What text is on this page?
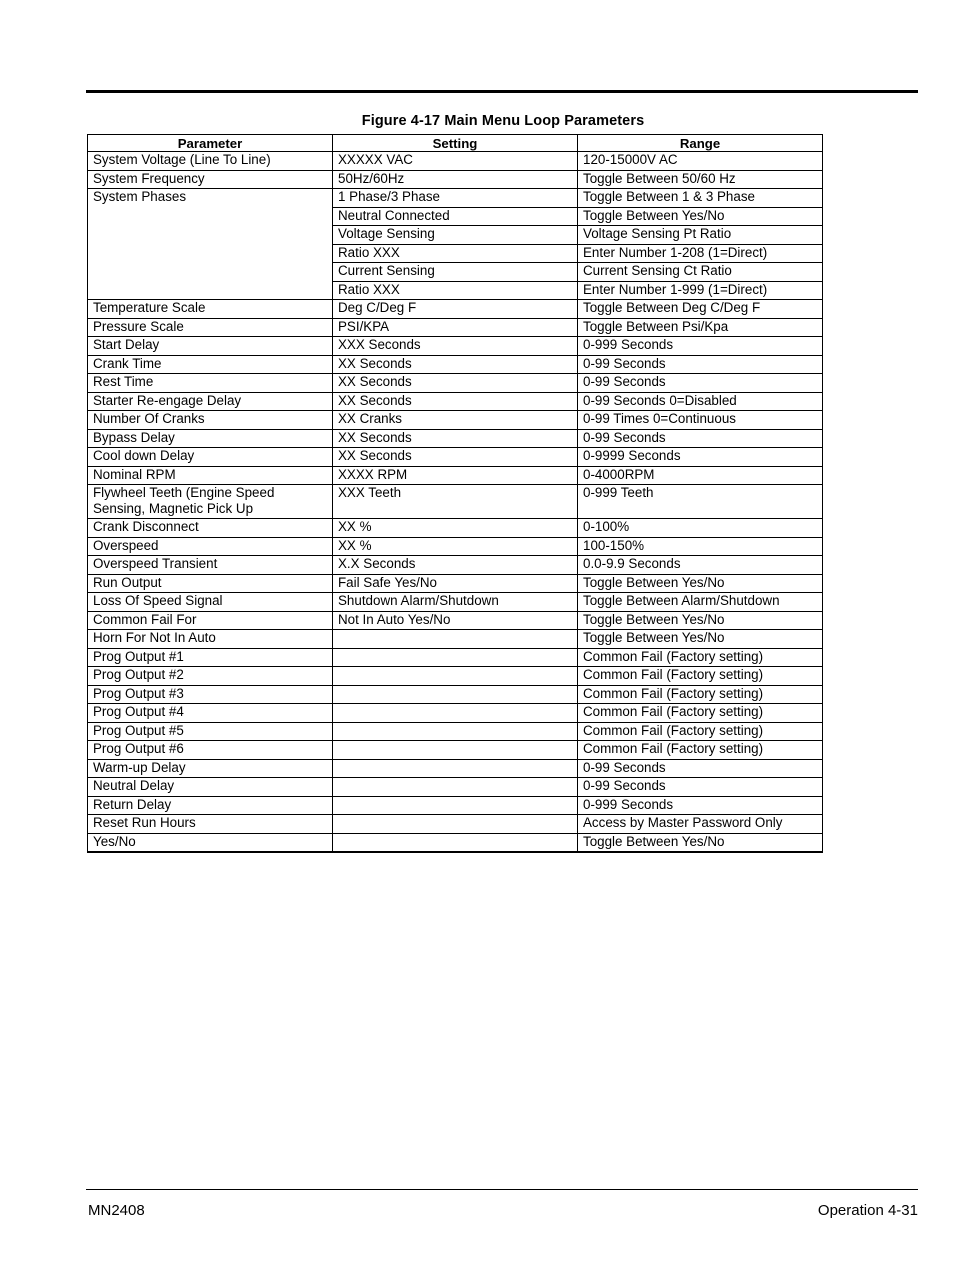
Figure 4-17 Main Menu Loop Parameters
Parameter	Setting	Range
System Voltage (Line To Line)	XXXXX VAC	120-15000V AC
System Frequency	50Hz/60Hz	Toggle Between 50/60 Hz
System Phases	1 Phase/3 Phase	Toggle Between 1 & 3 Phase
	Neutral Connected	Toggle Between Yes/No
	Voltage Sensing	Voltage Sensing Pt Ratio
	Ratio XXX	Enter Number 1-208 (1=Direct)
	Current Sensing	Current Sensing Ct Ratio
	Ratio XXX	Enter Number 1-999 (1=Direct)
Temperature Scale	Deg C/Deg F	Toggle Between Deg C/Deg F
Pressure Scale	PSI/KPA	Toggle Between Psi/Kpa
Start Delay	XXX Seconds	0-999 Seconds
Crank Time	XX Seconds	0-99 Seconds
Rest Time	XX Seconds	0-99 Seconds
Starter Re-engage Delay	XX Seconds	0-99 Seconds 0=Disabled
Number Of Cranks	XX Cranks	0-99 Times 0=Continuous
Bypass Delay	XX Seconds	0-99 Seconds
Cool down Delay	XX Seconds	0-9999 Seconds
Nominal RPM	XXXX RPM	0-4000RPM
Flywheel Teeth (Engine Speed Sensing, Magnetic Pick Up	XXX Teeth	0-999 Teeth
Crank Disconnect	XX %	0-100%
Overspeed	XX %	100-150%
Overspeed Transient	X.X Seconds	0.0-9.9 Seconds
Run Output	Fail Safe Yes/No	Toggle Between Yes/No
Loss Of Speed Signal	Shutdown Alarm/Shutdown	Toggle Between Alarm/Shutdown
Common Fail For	Not In Auto Yes/No	Toggle Between Yes/No
Horn For Not In Auto		Toggle Between Yes/No
Prog Output #1		Common Fail (Factory setting)
Prog Output #2		Common Fail (Factory setting)
Prog Output #3		Common Fail (Factory setting)
Prog Output #4		Common Fail (Factory setting)
Prog Output #5		Common Fail (Factory setting)
Prog Output #6		Common Fail (Factory setting)
Warm-up Delay		0-99 Seconds
Neutral Delay		0-99 Seconds
Return Delay		0-999 Seconds
Reset Run Hours		Access by Master Password Only
Yes/No		Toggle Between Yes/No
MN2408	Operation 4-31
